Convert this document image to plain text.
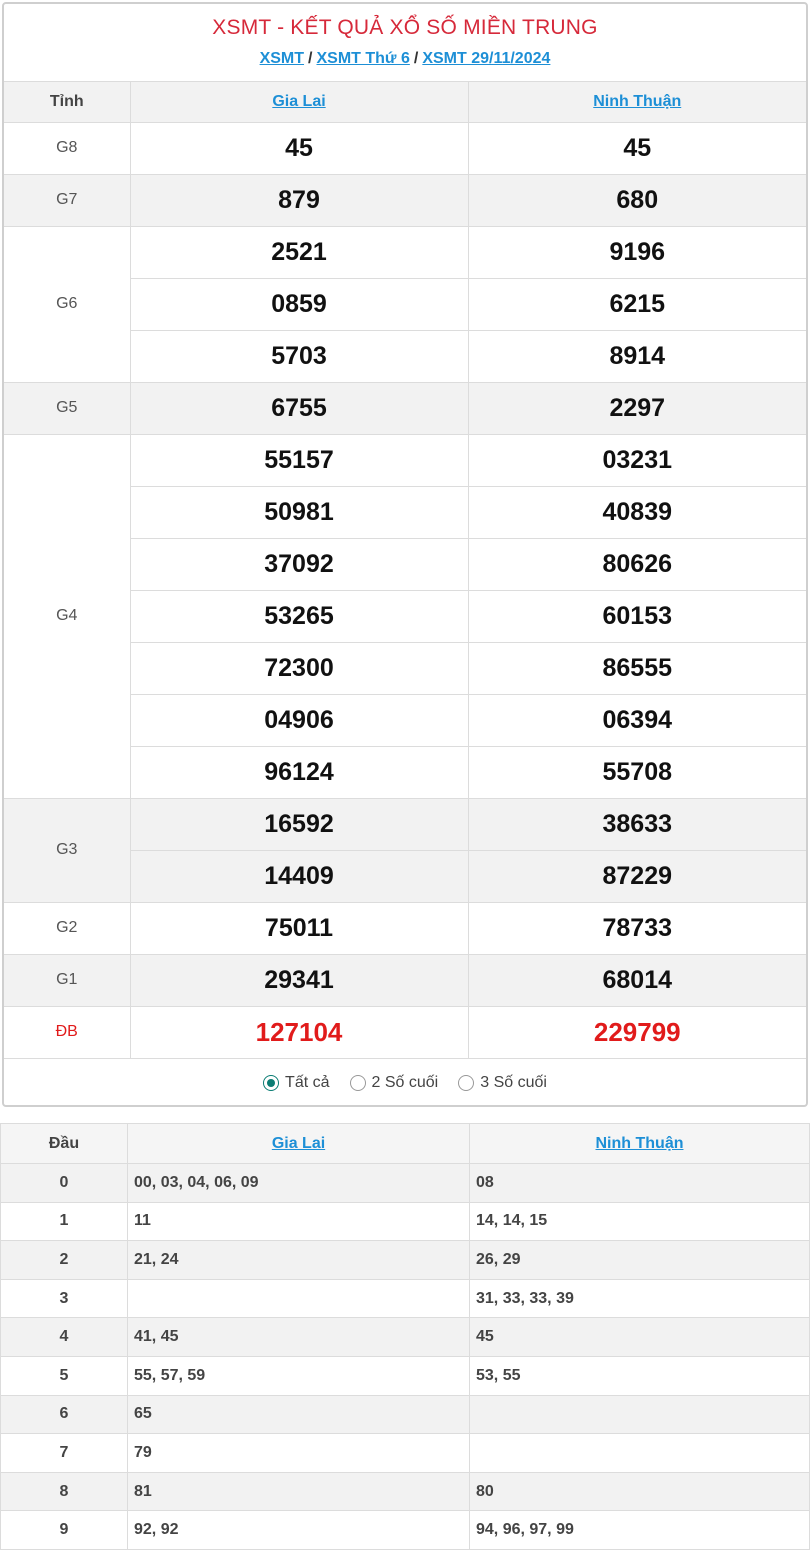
XSMT - KẾT QUẢ XỔ SỐ MIỀN TRUNG
XSMT / XSMT Thứ 6 / XSMT 29/11/2024
Tỉnh	Gia Lai	Ninh Thuận
G8	45	45
G7	879	680
G6	2521	9196
	0859	6215
	5703	8914
G5	6755	2297
G4	55157	03231
	50981	40839
	37092	80626
	53265	60153
	72300	86555
	04906	06394
	96124	55708
G3	16592	38633
	14409	87229
G2	75011	78733
G1	29341	68014
ĐB	127104	229799
Tất cả	2 Số cuối	3 Số cuối
Đầu	Gia Lai	Ninh Thuận
0	00, 03, 04, 06, 09	08
1	11	14, 14, 15
2	21, 24	26, 29
3		31, 33, 33, 39
4	41, 45	45
5	55, 57, 59	53, 55
6	65	
7	79	
8	81	80
9	92, 92	94, 96, 97, 99
